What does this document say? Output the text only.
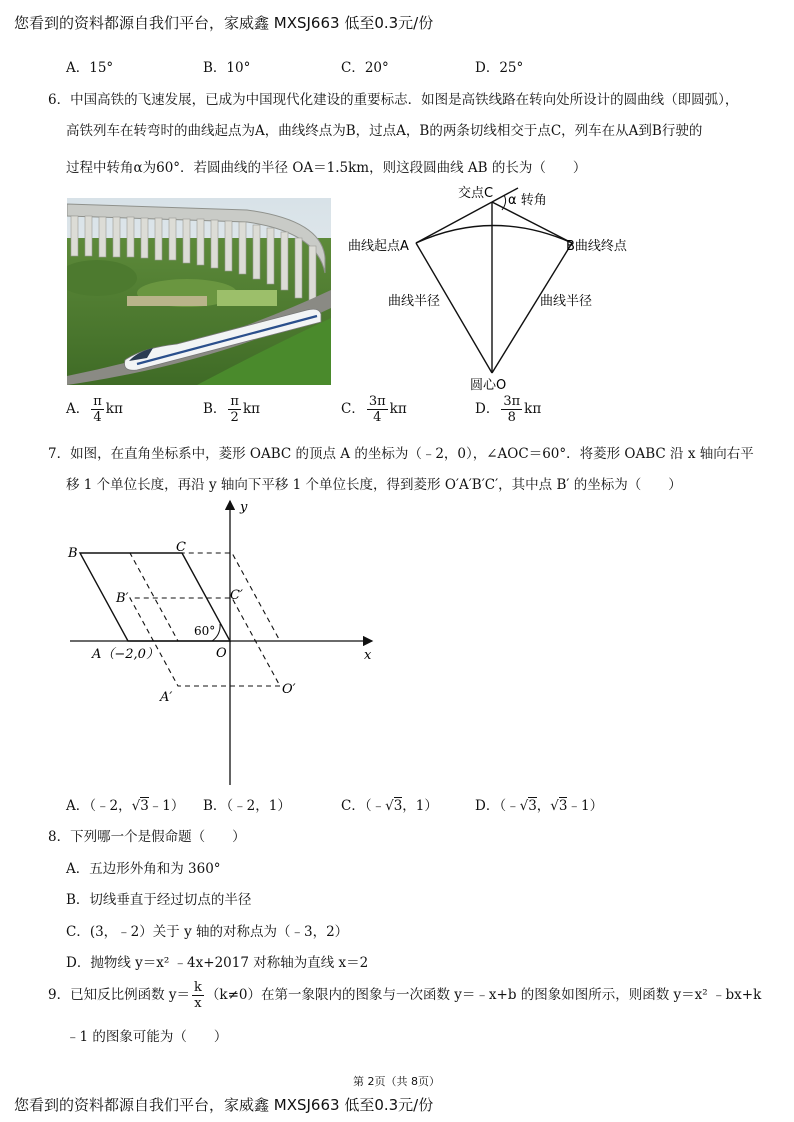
您看到的资料都源自我们平台，家威鑫 MXSJ663 低至0.3元/份
A．15°	B．10°	C．20°	D．25°
6．中国高铁的飞速发展，已成为中国现代化建设的重要标志．如图是高铁线路在转向处所设计的圆曲线（即圆弧），
高铁列车在转弯时的曲线起点为A，曲线终点为B，过点A，B的两条切线相交于点C，列车在从A到B行驶的
过程中转角α为60°．若圆曲线的半径 OA＝1.5km，则这段圆曲线 AB 的长为（　　）
交点C α 转角
曲线起点A	B曲线终点
曲线半径	曲线半径
圆心O
A． $\frac{\pi}{4}$ kπ	B． $\frac{\pi}{2}$ kπ	C． $\frac{3\pi}{4}$ kπ	D． $\frac{3\pi}{8}$ kπ
7．如图，在直角坐标系中，菱形 OABC 的顶点 A 的坐标为（﹣2，0），∠AOC＝60°．将菱形 OABC 沿 x 轴向右平
移 1 个单位长度，再沿 y 轴向下平移 1 个单位长度，得到菱形 O′A′B′C′，其中点 B′ 的坐标为（　　）
B	C
B′	C′
60°
A（−2,0）	O
A′
O′
y
x
A．（﹣2，√3﹣1） B．（﹣2，1）	C．（﹣√3，1）	D．（﹣√3，√3﹣1）
8．下列哪一个是假命题（　　）
A．五边形外角和为 360°
B．切线垂直于经过切点的半径
C．(3，﹣2）关于 y 轴的对称点为（﹣3，2）
D．抛物线 y＝x² ﹣4x+2017 对称轴为直线 x＝2
9．已知反比例函数 $y= \frac{k}{x} (k\ne 0)$在第一象限内的图象与一次函数 y＝﹣x+b 的图象如图所示，则函数 y＝x² ﹣bx+k
﹣1 的图象可能为（　　）
第 2页（共 8页）
您看到的资料都源自我们平台，家威鑫 MXSJ663 低至0.3元/份
